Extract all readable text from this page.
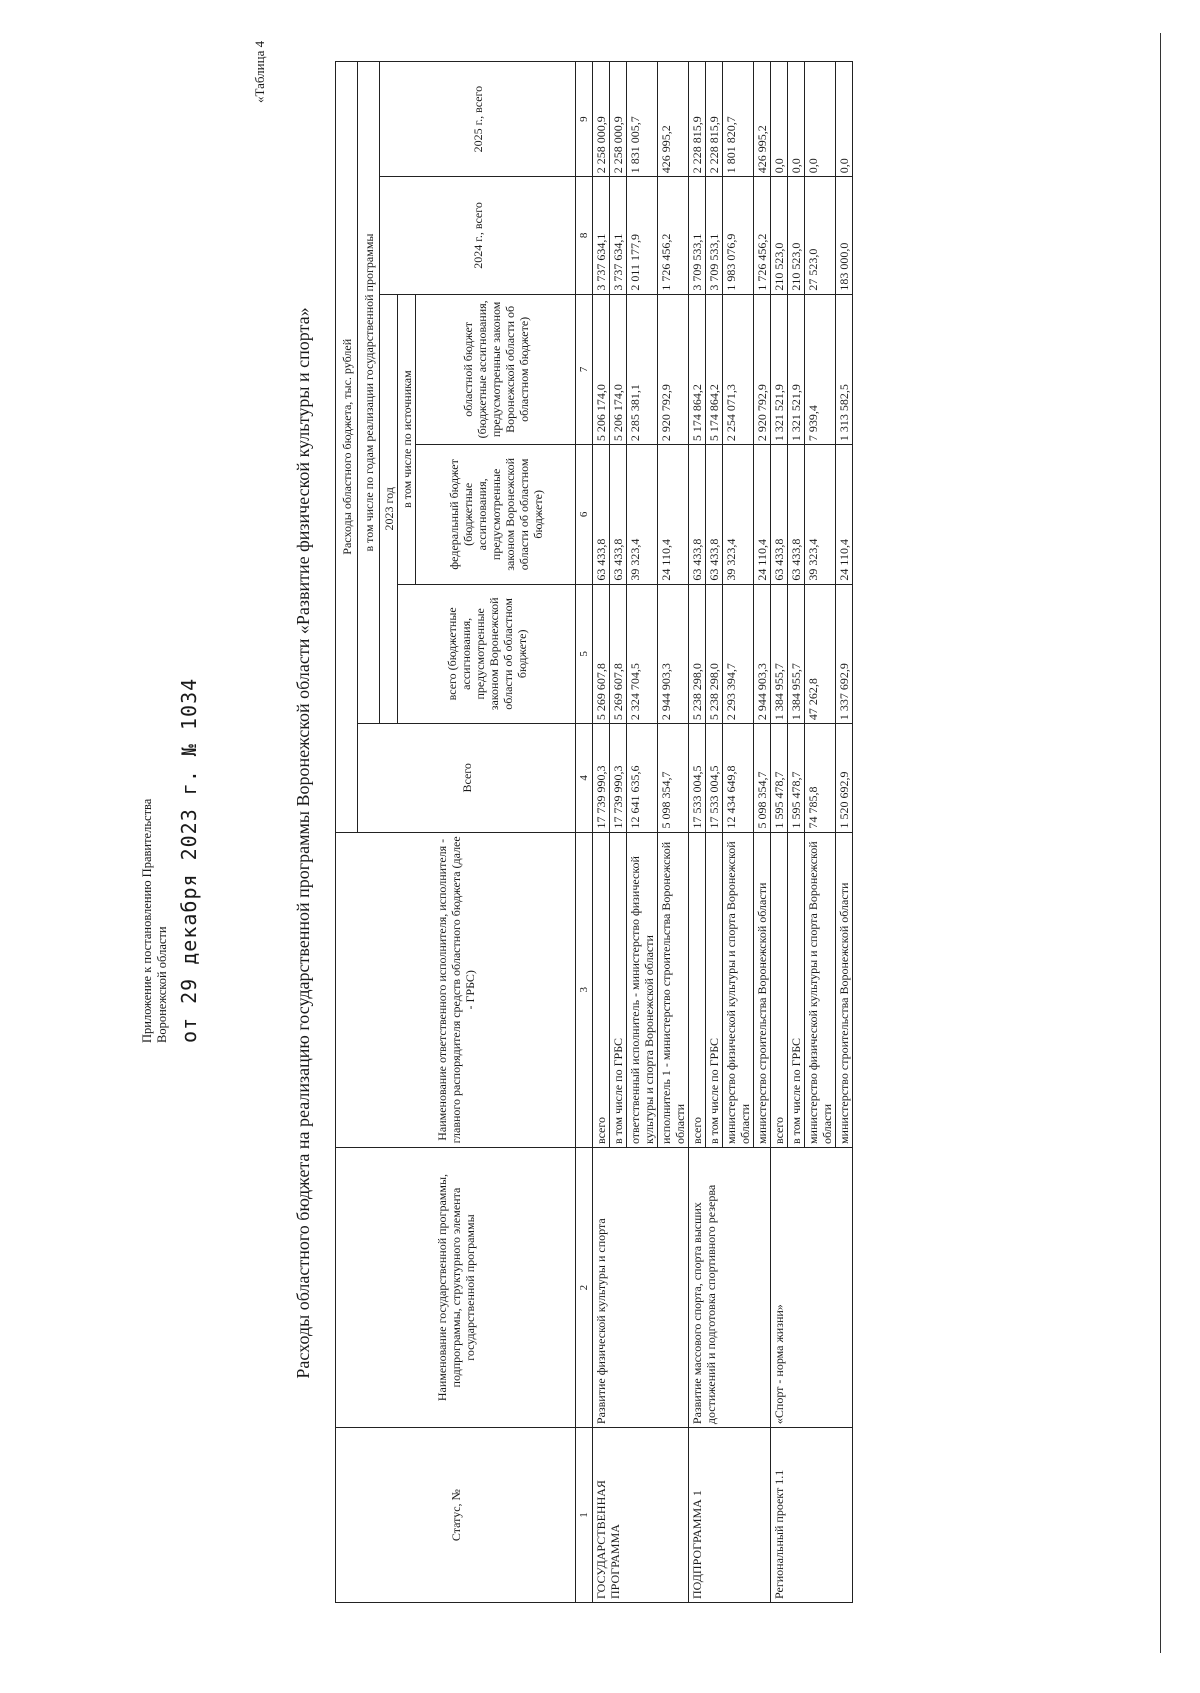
«Таблица 4
Приложение к постановлению Правительства Воронежской области от 29 декабря 2023 г. № 1034	Расходы областного бюджета на реализацию государственной программы Воронежской области «Развитие физической культуры и спорта»
Статус, №	Наименование государственной программы, подпрограммы, структурного элемента государственной программы	Наименование ответственного исполнителя, исполнителя - главного распорядителя средств областного бюджета (далее - ГРБС)	Расходы областного бюджета, тыс. рублей					
			Всего	в том числе по годам реализации государственной программы				
				2023 год			2024 г., всего	2025 г., всего
				всего (бюджетные ассигнования, предусмотренные законом Воронежской области об областном бюджете)	в том числе по источникам			
					федеральный бюджет (бюджетные ассигнования, предусмотренные законом Воронежской области об областном бюджете)	областной бюджет (бюджетные ассигнования, предусмотренные законом Воронежской области об областном бюджете)		
1	2	3	4	5	6	7	8	9
ГОСУДАРСТВЕННАЯ ПРОГРАММА	Развитие физической культуры и спорта	всего	17 739 990,3	5 269 607,8	63 433,8	5 206 174,0	3 737 634,1	2 258 000,9
		в том числе по ГРБС	17 739 990,3	5 269 607,8	63 433,8	5 206 174,0	3 737 634,1	2 258 000,9
		ответственный исполнитель - министерство физической культуры и спорта Воронежской области	12 641 635,6	2 324 704,5	39 323,4	2 285 381,1	2 011 177,9	1 831 005,7
		исполнитель 1 - министерство строительства Воронежской области	5 098 354,7	2 944 903,3	24 110,4	2 920 792,9	1 726 456,2	426 995,2
ПОДПРОГРАММА 1	Развитие массового спорта, спорта высших достижений и подготовка спортивного резерва	всего	17 533 004,5	5 238 298,0	63 433,8	5 174 864,2	3 709 533,1	2 228 815,9
		в том числе по ГРБС	17 533 004,5	5 238 298,0	63 433,8	5 174 864,2	3 709 533,1	2 228 815,9
		министерство физической культуры и спорта Воронежской области	12 434 649,8	2 293 394,7	39 323,4	2 254 071,3	1 983 076,9	1 801 820,7
		министерство строительства Воронежской области	5 098 354,7	2 944 903,3	24 110,4	2 920 792,9	1 726 456,2	426 995,2
Региональный проект 1.1	«Спорт - норма жизни»	всего	1 595 478,7	1 384 955,7	63 433,8	1 321 521,9	210 523,0	0,0
		в том числе по ГРБС	1 595 478,7	1 384 955,7	63 433,8	1 321 521,9	210 523,0	0,0
		министерство физической культуры и спорта Воронежской области	74 785,8	47 262,8	39 323,4	7 939,4	27 523,0	0,0
		министерство строительства Воронежской области	1 520 692,9	1 337 692,9	24 110,4	1 313 582,5	183 000,0	0,0
